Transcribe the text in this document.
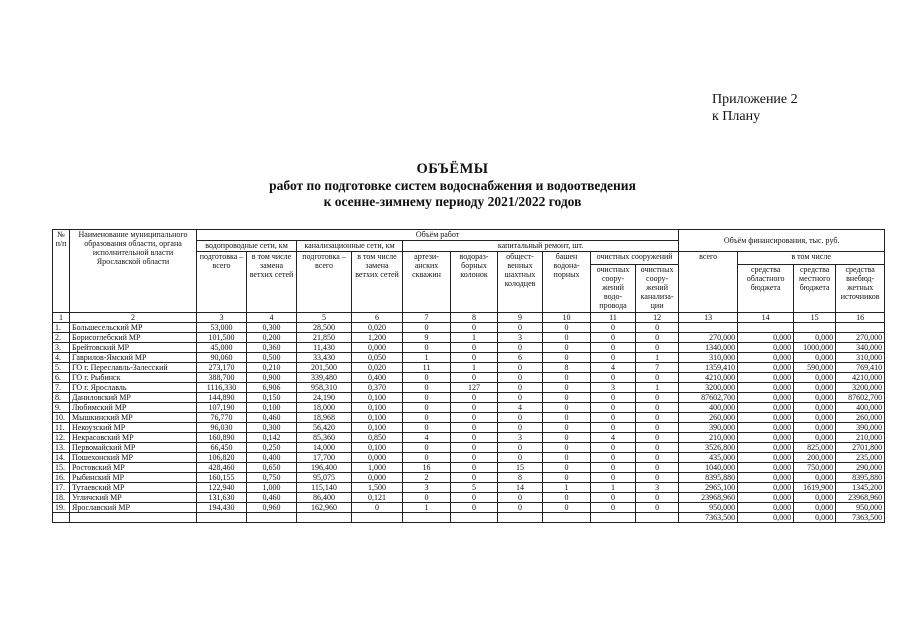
Приложение 2
к Плану
ОБЪЁМЫ
работ по подготовке систем водоснабжения и водоотведения
к осенне-зимнему периоду 2021/2022 годов
№ п/п	Наименование муниципального образования области, органа исполнительной власти Ярославской области	Объём работ										Объём финансирования, тыс. руб.			
		водопроводные сети, км		канализационные сети, км		капитальный ремонт, шт.									
		подготовка – всего	в том числе замена ветхих сетей	подготовка – всего	в том числе замена ветхих сетей	артези- анских скважин	водораз- борных колонок	общест- венных шахтных колодцев	башен водона- порных	очистных сооружений		всего	в том числе		
										очистных соору- жений водо- провода	очистных соору- жений канализа- ции		средства областного бюджета	средства местного бюджета	средства внебюд- жетных источников
1	2	3	4	5	6	7	8	9	10	11	12	13	14	15	16
1.	Большесельский МР	53,000	0,300	28,500	0,020	0	0	0	0	0	0				
2.	Борисоглебский МР	101,500	0,200	21,850	1,200	9	1	3	0	0	0	270,000	0,000	0,000	270,000
3.	Брейтовский МР	45,000	0,360	11,430	0,000	0	0	0	0	0	0	1340,000	0,000	1000,000	340,000
4.	Гаврилов-Ямский МР	90,060	0,500	33,430	0,050	1	0	6	0	0	1	310,000	0,000	0,000	310,000
5.	ГО г. Переславль-Залесский	273,170	0,210	201,500	0,020	11	1	0	8	4	7	1359,410	0,000	590,000	769,410
6.	ГО г. Рыбинск	388,700	0,900	339,480	0,400	0	0	0	0	0	0	4210,000	0,000	0,000	4210,000
7.	ГО г. Ярославль	1116,330	6,906	958,310	0,370	0	127	0	0	3	1	3200,000	0,000	0,000	3200,000
8.	Даниловский МР	144,890	0,150	24,190	0,100	0	0	0	0	0	0	87602,700	0,000	0,000	87602,700
9.	Любимский МР	107,190	0,100	18,000	0,100	0	0	4	0	0	0	400,000	0,000	0,000	400,000
10.	Мышкинский МР	76,770	0,460	18,968	0,100	0	0	0	0	0	0	260,000	0,000	0,000	260,000
11.	Некоузский МР	96,030	0,300	56,420	0,100	0	0	0	0	0	0	390,000	0,000	0,000	390,000
12.	Некрасовский МР	160,890	0,142	85,360	0,850	4	0	3	0	4	0	210,000	0,000	0,000	210,000
13.	Первомайский МР	66,450	0,250	14,000	0,100	0	0	0	0	0	0	3526,800	0,000	825,000	2701,800
14.	Пошехонский МР	106,820	0,400	17,700	0,000	0	0	0	0	0	0	435,000	0,000	200,000	235,000
15.	Ростовский МР	428,460	0,650	196,400	1,000	16	0	15	0	0	0	1040,000	0,000	750,000	290,000
16.	Рыбинский МР	160,155	0,750	95,075	0,000	2	0	8	0	0	0	8395,880	0,000	0,000	8395,880
17.	Тутаевский МР	122,940	1,000	115,140	1,500	3	5	14	1	1	3	2965,100	0,000	1619,900	1345,200
18.	Угличский МР	131,630	0,460	86,400	0,121	0	0	0	0	0	0	23968,960	0,000	0,000	23968,960
19.	Ярославский МР	194,430	0,960	162,960	0	1	0	0	0	0	0	950,000	0,000	0,000	950,000
												7363,500	0,000	0,000	7363,500
